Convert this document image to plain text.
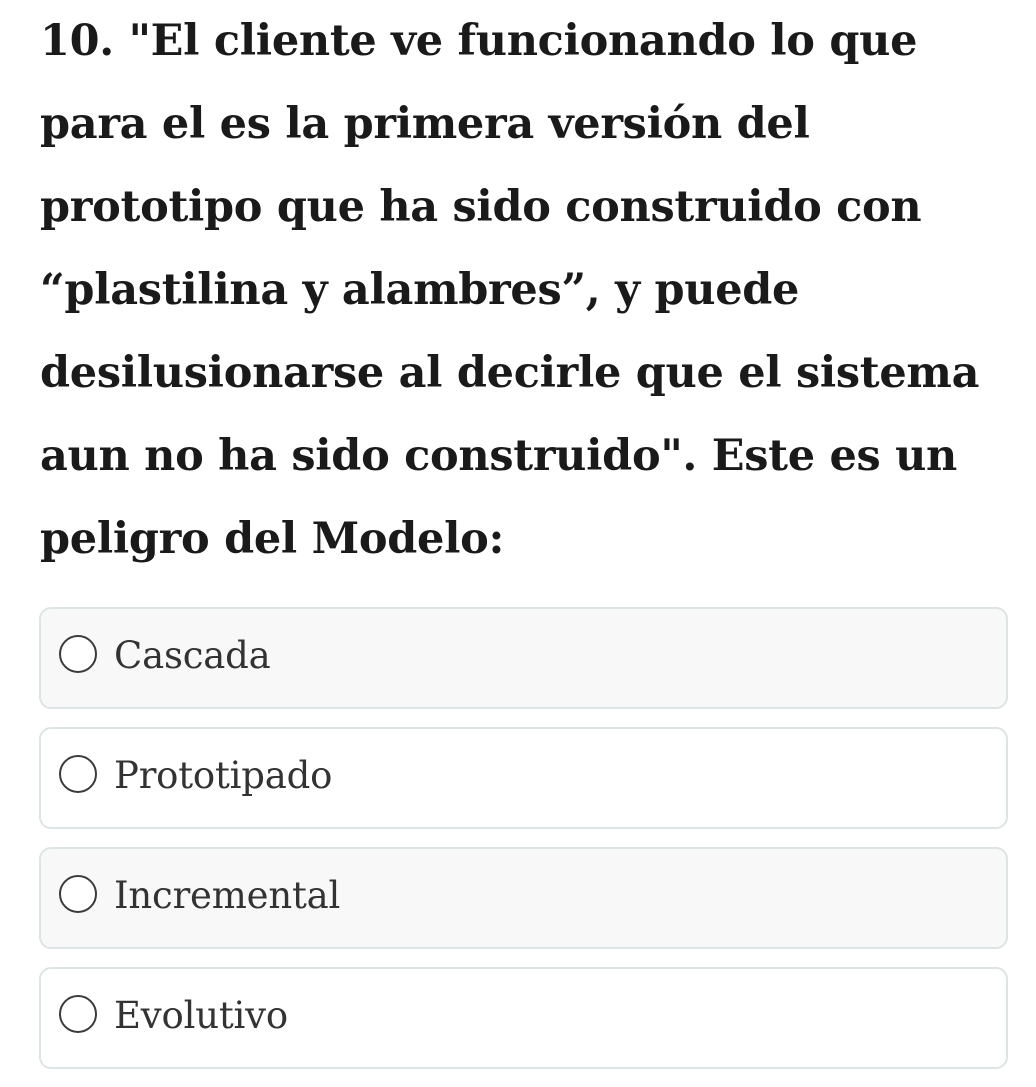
10. "El cliente ve funcionando lo que
para el es la primera versión del
prototipo que ha sido construido con
“plastilina y alambres”, y puede
desilusionarse al decirle que el sistema
aun no ha sido construido". Este es un
peligro del Modelo:
Cascada
Prototipado
Incremental
Evolutivo
